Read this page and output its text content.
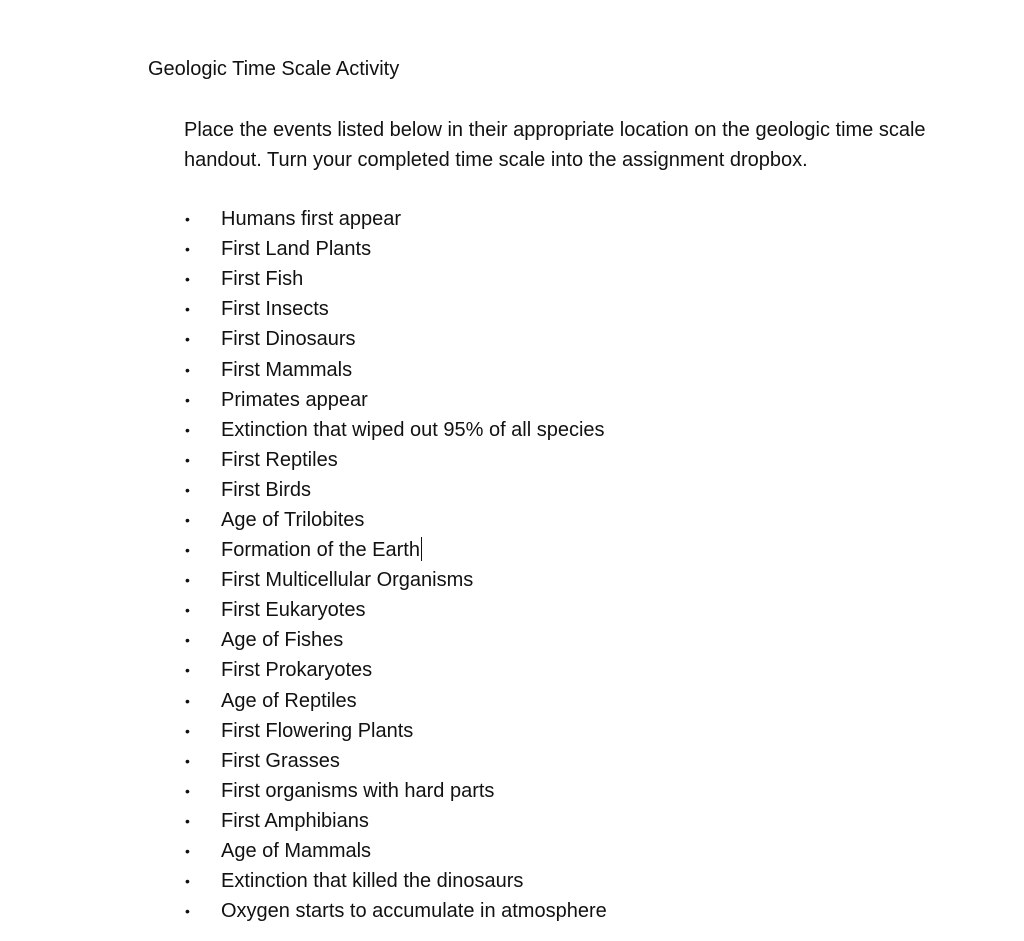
Geologic Time Scale Activity

Place the events listed below in their appropriate location on the geologic time scale

handout. Turn your completed time scale into the assignment dropbox.

•	Humans first appear
•	First Land Plants
•	First Fish
•	First Insects
•	First Dinosaurs
•	First Mammals
•	Primates appear
•	Extinction that wiped out 95% of all species
•	First Reptiles
•	First Birds
•	Age of Trilobites
•	Formation of the Earth
•	First Multicellular Organisms
•	First Eukaryotes
•	Age of Fishes
•	First Prokaryotes
•	Age of Reptiles
•	First Flowering Plants
•	First Grasses
•	First organisms with hard parts
•	First Amphibians
•	Age of Mammals
•	Extinction that killed the dinosaurs
•	Oxygen starts to accumulate in atmosphere
